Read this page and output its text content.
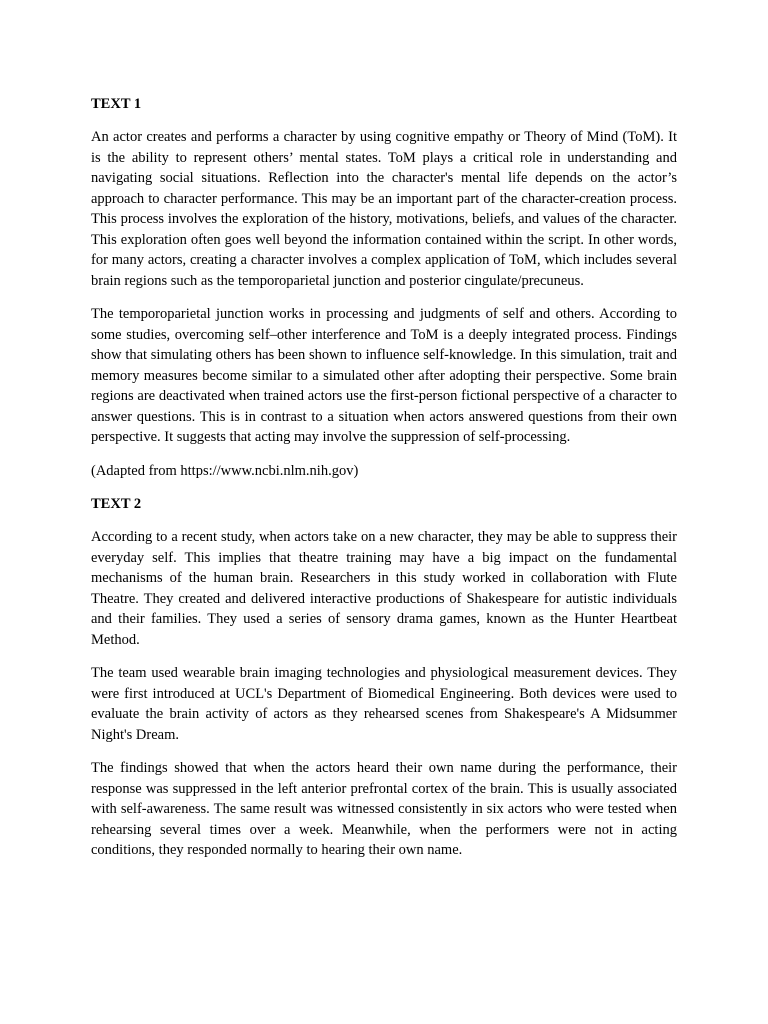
TEXT 1

An actor creates and performs a character by using cognitive empathy or Theory of Mind (ToM). It is the ability to represent others’ mental states. ToM plays a critical role in understanding and navigating social situations. Reflection into the character's mental life depends on the actor’s approach to character performance. This may be an important part of the character-creation process. This process involves the exploration of the history, motivations, beliefs, and values of the character. This exploration often goes well beyond the information contained within the script. In other words, for many actors, creating a character involves a complex application of ToM, which includes several brain regions such as the temporoparietal junction and posterior cingulate/precuneus.

The temporoparietal junction works in processing and judgments of self and others. According to some studies, overcoming self–other interference and ToM is a deeply integrated process. Findings show that simulating others has been shown to influence self-knowledge. In this simulation, trait and memory measures become similar to a simulated other after adopting their perspective. Some brain regions are deactivated when trained actors use the first-person fictional perspective of a character to answer questions. This is in contrast to a situation when actors answered questions from their own perspective. It suggests that acting may involve the suppression of self-processing.

(Adapted from https://www.ncbi.nlm.nih.gov)

TEXT 2

According to a recent study, when actors take on a new character, they may be able to suppress their everyday self. This implies that theatre training may have a big impact on the fundamental mechanisms of the human brain. Researchers in this study worked in collaboration with Flute Theatre. They created and delivered interactive productions of Shakespeare for autistic individuals and their families. They used a series of sensory drama games, known as the Hunter Heartbeat Method.

The team used wearable brain imaging technologies and physiological measurement devices. They were first introduced at UCL's Department of Biomedical Engineering. Both devices were used to evaluate the brain activity of actors as they rehearsed scenes from Shakespeare's A Midsummer Night's Dream.

The findings showed that when the actors heard their own name during the performance, their response was suppressed in the left anterior prefrontal cortex of the brain. This is usually associated with self-awareness. The same result was witnessed consistently in six actors who were tested when rehearsing several times over a week. Meanwhile, when the performers were not in acting conditions, they responded normally to hearing their own name.
